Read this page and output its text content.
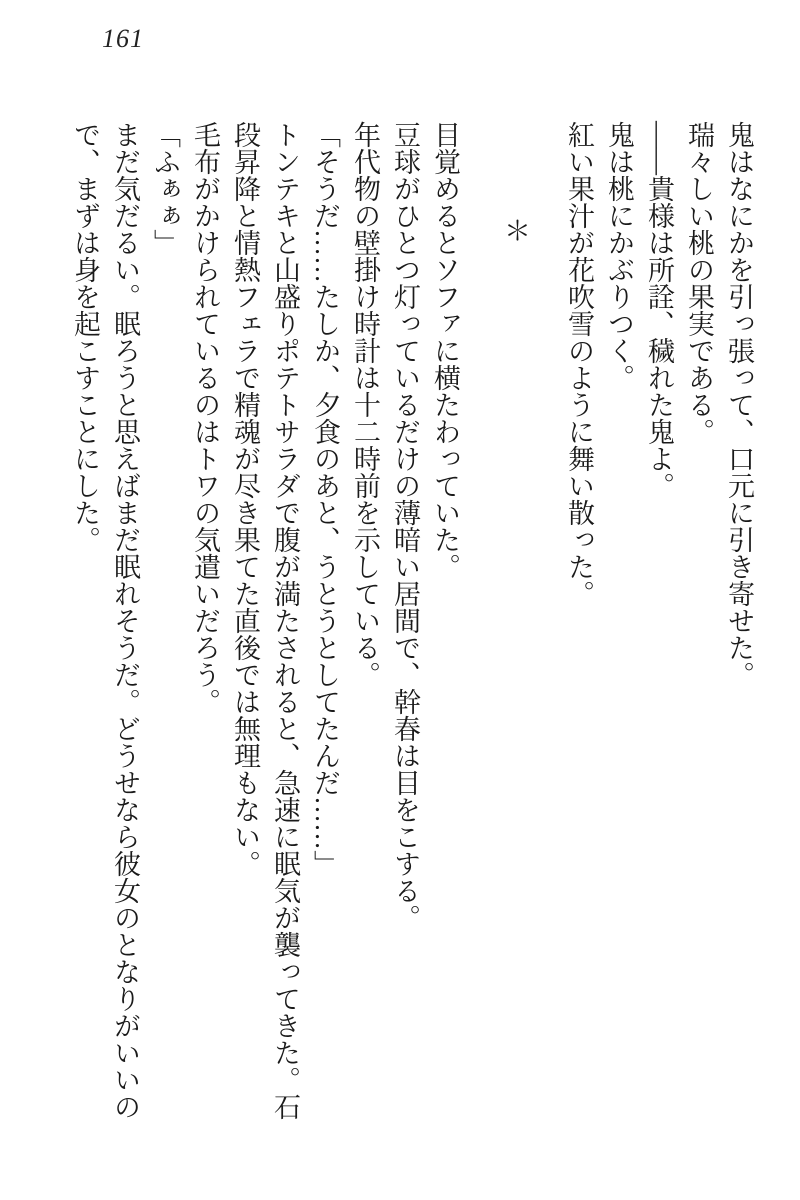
161

鬼はなにかを引っ張って、口元に引き寄せた。

瑞々しい桃の果実である。

――貴様は所詮、穢れた鬼よ。

鬼は桃にかぶりつく。

紅い果汁が花吹雪のように舞い散った。

＊

目覚めるとソファに横たわっていた。

豆球がひとつ灯っているだけの薄暗い居間で、幹春は目をこする。

年代物の壁掛け時計は十二時前を示している。

「そうだ……たしか、夕食のあと、うとうとしてたんだ……」

トンテキと山盛りポテトサラダで腹が満たされると、急速に眠気が襲ってきた。石

段昇降と情熱フェラで精魂が尽き果てた直後では無理もない。

毛布がかけられているのはトワの気遣いだろう。

「ふぁぁ」

まだ気だるい。眠ろうと思えばまだ眠れそうだ。どうせなら彼女のとなりがいいの

で、まずは身を起こすことにした。
